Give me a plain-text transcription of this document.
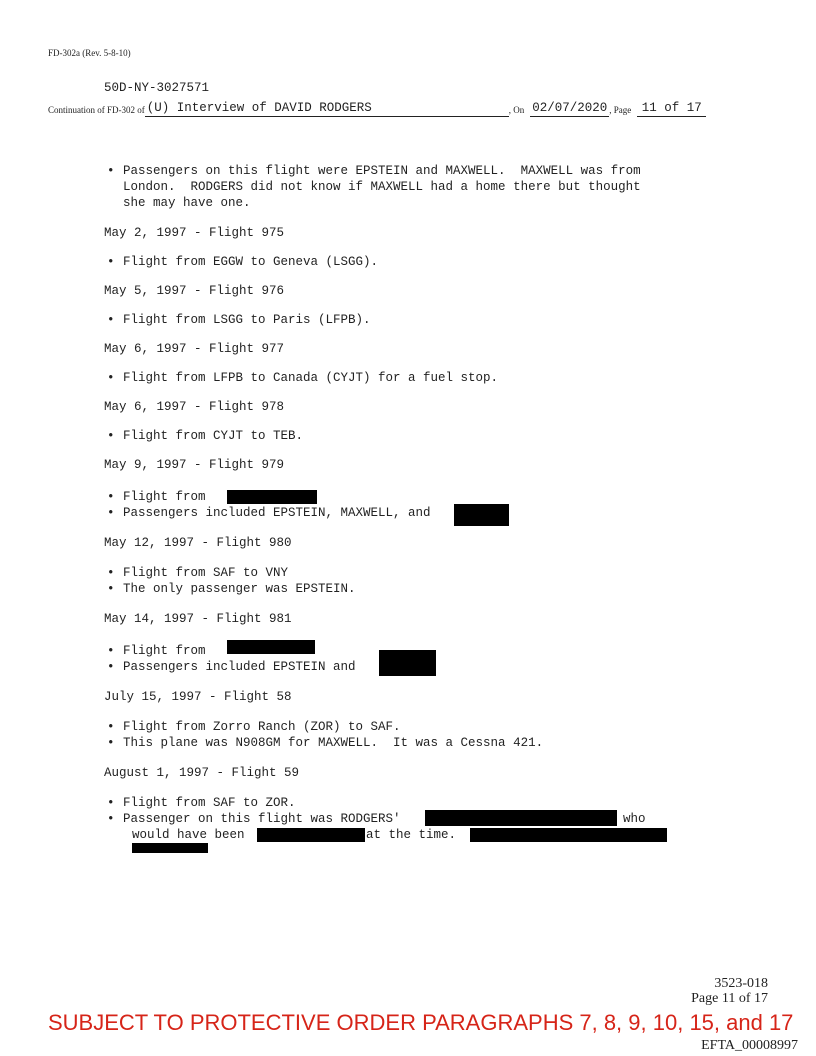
FD-302a (Rev. 5-8-10)
50D-NY-3027571
Continuation of FD-302 of (U) Interview of DAVID RODGERS	, On 02/07/2020 , Page 11 of 17
• Passengers on this flight were EPSTEIN and MAXWELL.  MAXWELL was from
London.  RODGERS did not know if MAXWELL had a home there but thought
she may have one.
May 2, 1997 - Flight 975
• Flight from EGGW to Geneva (LSGG).
May 5, 1997 - Flight 976
• Flight from LSGG to Paris (LFPB).
May 6, 1997 - Flight 977
• Flight from LFPB to Canada (CYJT) for a fuel stop.
May 6, 1997 - Flight 978
• Flight from CYJT to TEB.
May 9, 1997 - Flight 979
• Flight from
• Passengers included EPSTEIN, MAXWELL, and
May 12, 1997 - Flight 980
• Flight from SAF to VNY
• The only passenger was EPSTEIN.
May 14, 1997 - Flight 981
• Flight from
• Passengers included EPSTEIN and
July 15, 1997 - Flight 58
• Flight from Zorro Ranch (ZOR) to SAF.
• This plane was N908GM for MAXWELL.  It was a Cessna 421.
August 1, 1997 - Flight 59
• Flight from SAF to ZOR.
• Passenger on this flight was RODGERS'	who
would have been	at the time.
3523-018
Page 11 of 17
SUBJECT TO PROTECTIVE ORDER PARAGRAPHS 7, 8, 9, 10, 15, and 17
EFTA_00008997
